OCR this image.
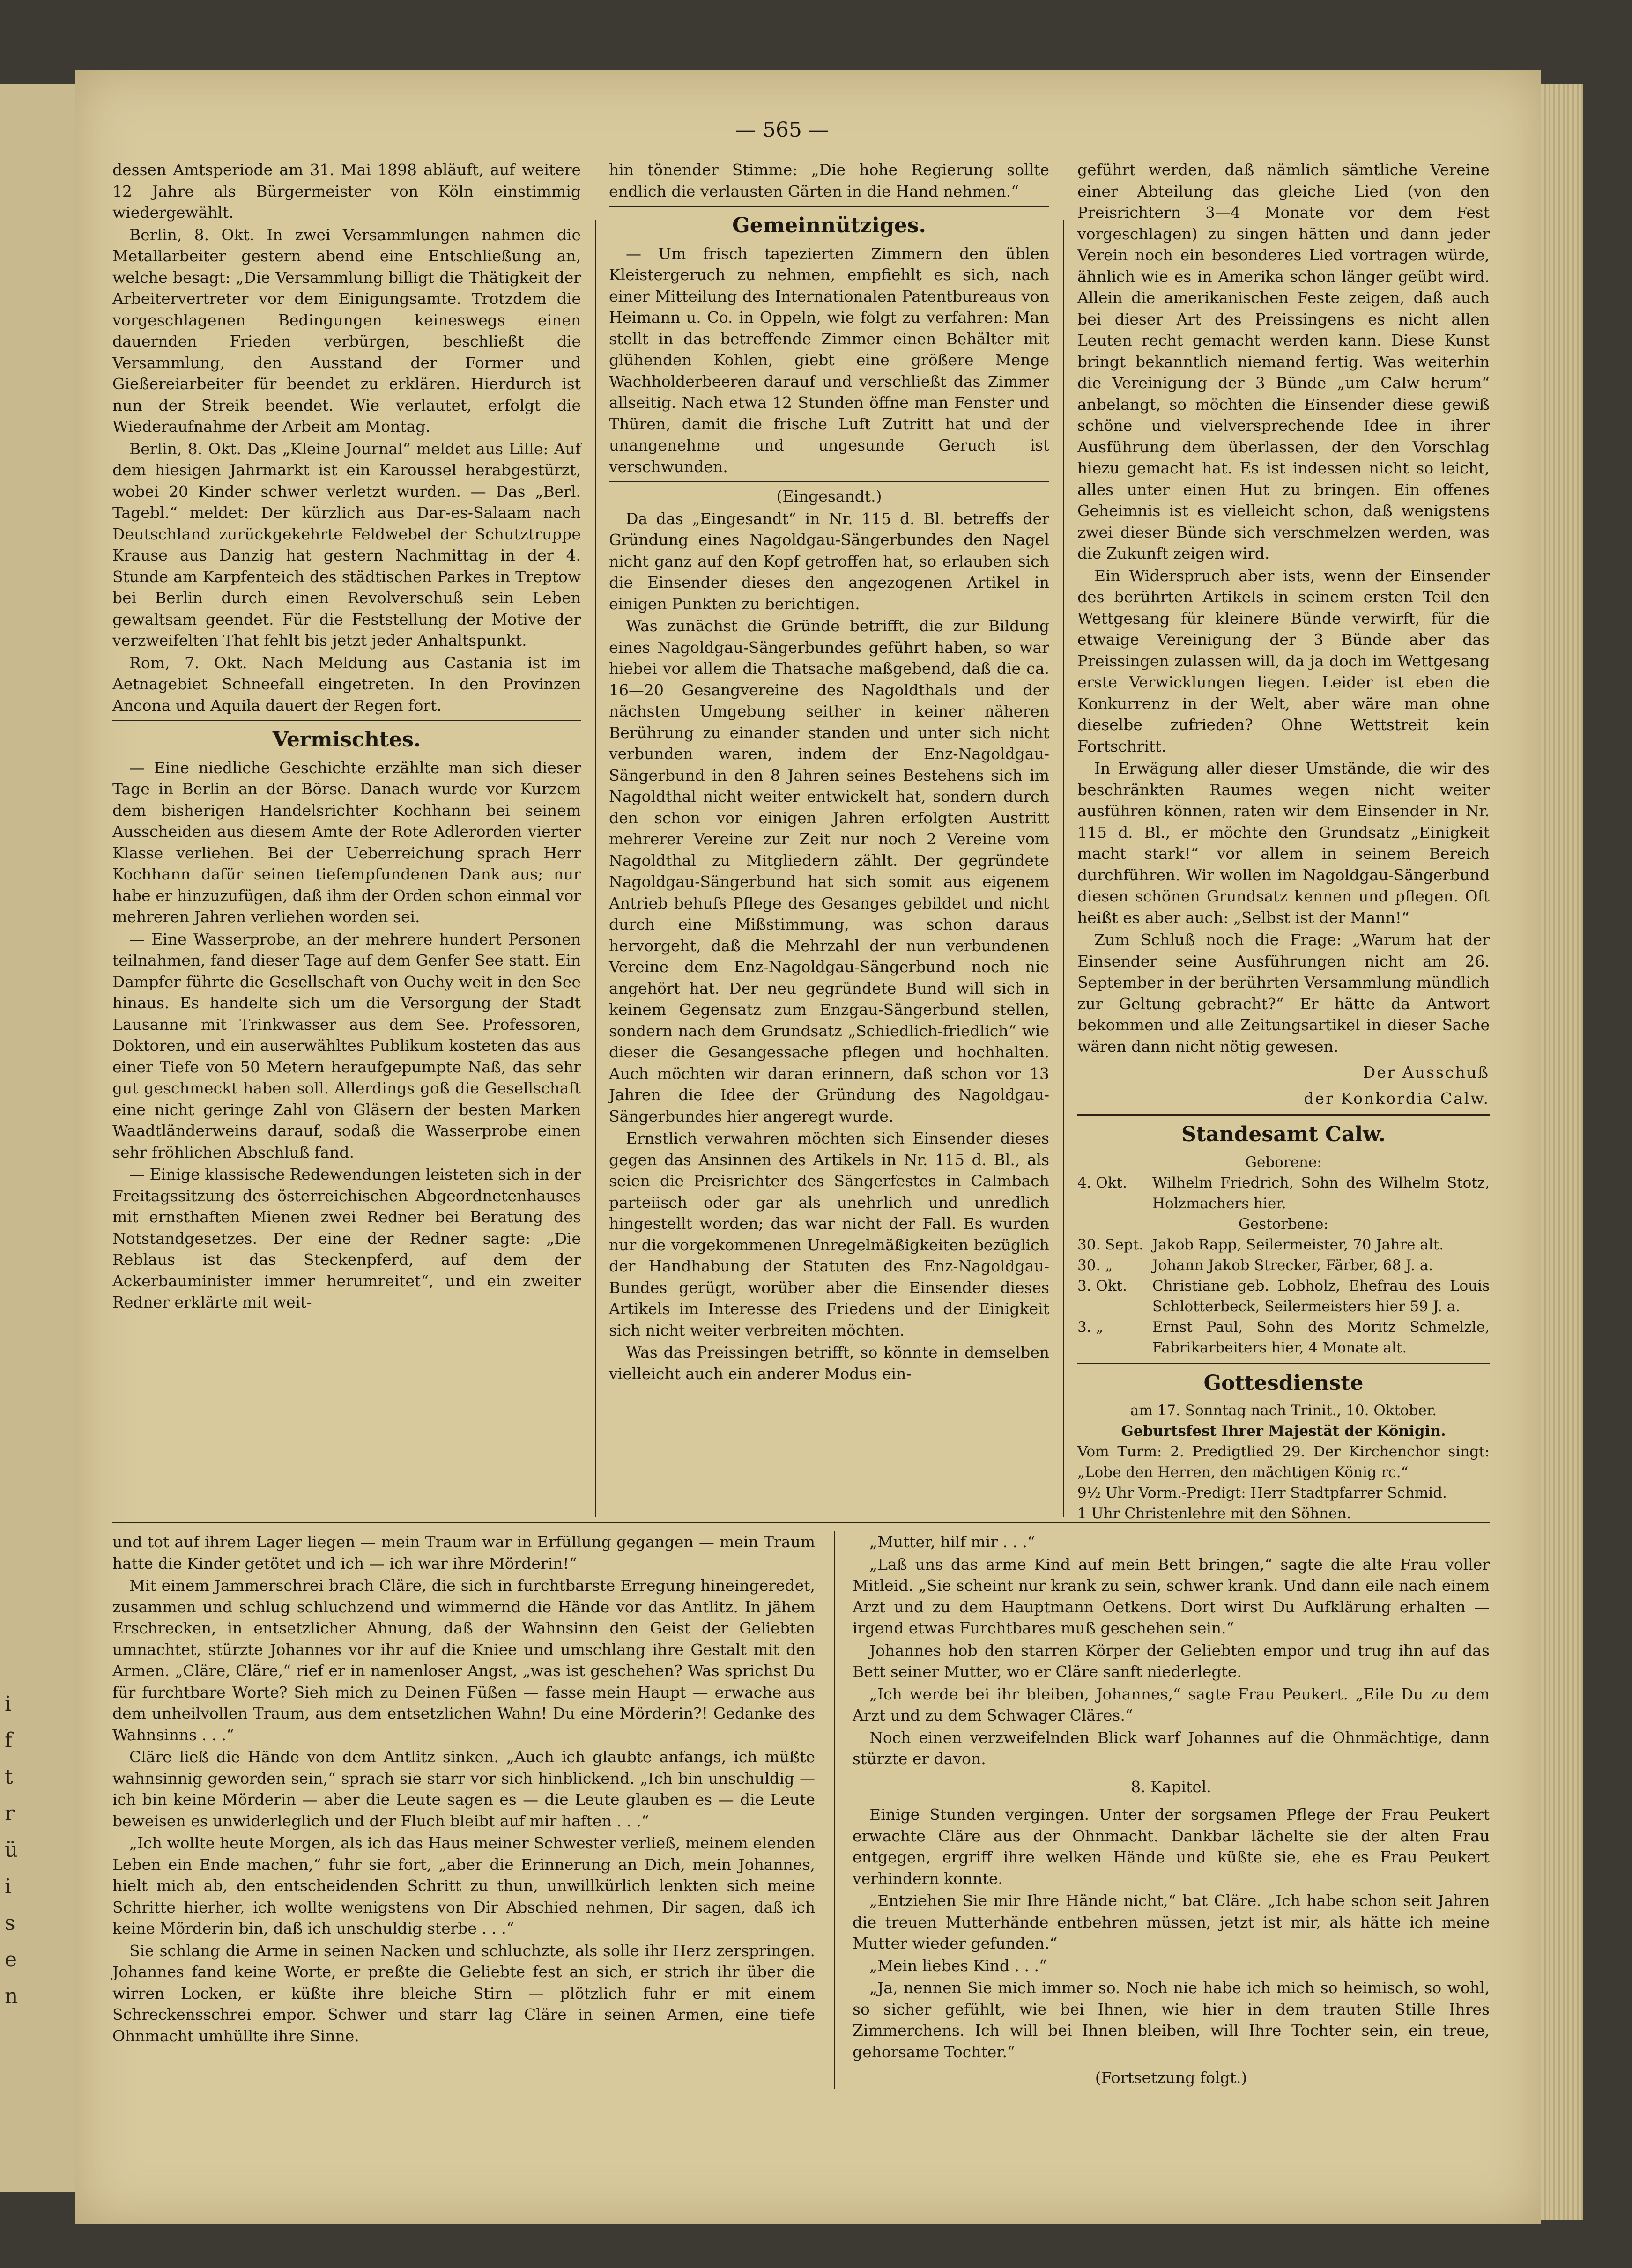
i
f
t
r
ü
i
s
e
n
— 565 —

dessen Amtsperiode am 31. Mai 1898 abläuft, auf weitere 12 Jahre als Bürgermeister von Köln einstimmig wiedergewählt.

Berlin, 8. Okt. In zwei Versammlungen nahmen die Metallarbeiter gestern abend eine Entschließung an, welche besagt: „Die Versammlung billigt die Thätigkeit der Arbeitervertreter vor dem Einigungsamte. Trotzdem die vorgeschlagenen Bedingungen keineswegs einen dauernden Frieden verbürgen, beschließt die Versammlung, den Ausstand der Former und Gießereiarbeiter für beendet zu erklären. Hierdurch ist nun der Streik beendet. Wie verlautet, erfolgt die Wiederaufnahme der Arbeit am Montag.

Berlin, 8. Okt. Das „Kleine Journal“ meldet aus Lille: Auf dem hiesigen Jahrmarkt ist ein Karoussel herabgestürzt, wobei 20 Kinder schwer verletzt wurden. — Das „Berl. Tagebl.“ meldet: Der kürzlich aus Dar-es-Salaam nach Deutschland zurückgekehrte Feldwebel der Schutztruppe Krause aus Danzig hat gestern Nachmittag in der 4. Stunde am Karpfenteich des städtischen Parkes in Treptow bei Berlin durch einen Revolverschuß sein Leben gewaltsam geendet. Für die Feststellung der Motive der verzweifelten That fehlt bis jetzt jeder Anhaltspunkt.

Rom, 7. Okt. Nach Meldung aus Castania ist im Aetnagebiet Schneefall eingetreten. In den Provinzen Ancona und Aquila dauert der Regen fort.

Vermischtes.

— Eine niedliche Geschichte erzählte man sich dieser Tage in Berlin an der Börse. Danach wurde vor Kurzem dem bisherigen Handelsrichter Kochhann bei seinem Ausscheiden aus diesem Amte der Rote Adlerorden vierter Klasse verliehen. Bei der Ueberreichung sprach Herr Kochhann dafür seinen tiefempfundenen Dank aus; nur habe er hinzuzufügen, daß ihm der Orden schon einmal vor mehreren Jahren verliehen worden sei.

— Eine Wasserprobe, an der mehrere hundert Personen teilnahmen, fand dieser Tage auf dem Genfer See statt. Ein Dampfer führte die Gesellschaft von Ouchy weit in den See hinaus. Es handelte sich um die Versorgung der Stadt Lausanne mit Trinkwasser aus dem See. Professoren, Doktoren, und ein auserwähltes Publikum kosteten das aus einer Tiefe von 50 Metern heraufgepumpte Naß, das sehr gut geschmeckt haben soll. Allerdings goß die Gesellschaft eine nicht geringe Zahl von Gläsern der besten Marken Waadtländerweins darauf, sodaß die Wasserprobe einen sehr fröhlichen Abschluß fand.

— Einige klassische Redewendungen leisteten sich in der Freitagssitzung des österreichischen Abgeordnetenhauses mit ernsthaften Mienen zwei Redner bei Beratung des Notstandgesetzes. Der eine der Redner sagte: „Die Reblaus ist das Steckenpferd, auf dem der Ackerbauminister immer herumreitet“, und ein zweiter Redner erklärte mit weit-

hin tönender Stimme: „Die hohe Regierung sollte endlich die verlausten Gärten in die Hand nehmen.“

Gemeinnütziges.

— Um frisch tapezierten Zimmern den üblen Kleistergeruch zu nehmen, empfiehlt es sich, nach einer Mitteilung des Internationalen Patentbureaus von Heimann u. Co. in Oppeln, wie folgt zu verfahren: Man stellt in das betreffende Zimmer einen Behälter mit glühenden Kohlen, giebt eine größere Menge Wachholderbeeren darauf und verschließt das Zimmer allseitig. Nach etwa 12 Stunden öffne man Fenster und Thüren, damit die frische Luft Zutritt hat und der unangenehme und ungesunde Geruch ist verschwunden.

(Eingesandt.)

Da das „Eingesandt“ in Nr. 115 d. Bl. betreffs der Gründung eines Nagoldgau-Sängerbundes den Nagel nicht ganz auf den Kopf getroffen hat, so erlauben sich die Einsender dieses den angezogenen Artikel in einigen Punkten zu berichtigen.

Was zunächst die Gründe betrifft, die zur Bildung eines Nagoldgau-Sängerbundes geführt haben, so war hiebei vor allem die Thatsache maßgebend, daß die ca. 16—20 Gesangvereine des Nagoldthals und der nächsten Umgebung seither in keiner näheren Berührung zu einander standen und unter sich nicht verbunden waren, indem der Enz-Nagoldgau-Sängerbund in den 8 Jahren seines Bestehens sich im Nagoldthal nicht weiter entwickelt hat, sondern durch den schon vor einigen Jahren erfolgten Austritt mehrerer Vereine zur Zeit nur noch 2 Vereine vom Nagoldthal zu Mitgliedern zählt. Der gegründete Nagoldgau-Sängerbund hat sich somit aus eigenem Antrieb behufs Pflege des Gesanges gebildet und nicht durch eine Mißstimmung, was schon daraus hervorgeht, daß die Mehrzahl der nun verbundenen Vereine dem Enz-Nagoldgau-Sängerbund noch nie angehört hat. Der neu gegründete Bund will sich in keinem Gegensatz zum Enzgau-Sängerbund stellen, sondern nach dem Grundsatz „Schiedlich-friedlich“ wie dieser die Gesangessache pflegen und hochhalten. Auch möchten wir daran erinnern, daß schon vor 13 Jahren die Idee der Gründung des Nagoldgau-Sängerbundes hier angeregt wurde.

Ernstlich verwahren möchten sich Einsender dieses gegen das Ansinnen des Artikels in Nr. 115 d. Bl., als seien die Preisrichter des Sängerfestes in Calmbach parteiisch oder gar als unehrlich und unredlich hingestellt worden; das war nicht der Fall. Es wurden nur die vorgekommenen Unregelmäßigkeiten bezüglich der Handhabung der Statuten des Enz-Nagoldgau-Bundes gerügt, worüber aber die Einsender dieses Artikels im Interesse des Friedens und der Einigkeit sich nicht weiter verbreiten möchten.

Was das Preissingen betrifft, so könnte in demselben vielleicht auch ein anderer Modus ein-

geführt werden, daß nämlich sämtliche Vereine einer Abteilung das gleiche Lied (von den Preisrichtern 3—4 Monate vor dem Fest vorgeschlagen) zu singen hätten und dann jeder Verein noch ein besonderes Lied vortragen würde, ähnlich wie es in Amerika schon länger geübt wird. Allein die amerikanischen Feste zeigen, daß auch bei dieser Art des Preissingens es nicht allen Leuten recht gemacht werden kann. Diese Kunst bringt bekanntlich niemand fertig. Was weiterhin die Vereinigung der 3 Bünde „um Calw herum“ anbelangt, so möchten die Einsender diese gewiß schöne und vielversprechende Idee in ihrer Ausführung dem überlassen, der den Vorschlag hiezu gemacht hat. Es ist indessen nicht so leicht, alles unter einen Hut zu bringen. Ein offenes Geheimnis ist es vielleicht schon, daß wenigstens zwei dieser Bünde sich verschmelzen werden, was die Zukunft zeigen wird.

Ein Widerspruch aber ists, wenn der Einsender des berührten Artikels in seinem ersten Teil den Wettgesang für kleinere Bünde verwirft, für die etwaige Vereinigung der 3 Bünde aber das Preissingen zulassen will, da ja doch im Wettgesang erste Verwicklungen liegen. Leider ist eben die Konkurrenz in der Welt, aber wäre man ohne dieselbe zufrieden? Ohne Wettstreit kein Fortschritt.

In Erwägung aller dieser Umstände, die wir des beschränkten Raumes wegen nicht weiter ausführen können, raten wir dem Einsender in Nr. 115 d. Bl., er möchte den Grundsatz „Einigkeit macht stark!“ vor allem in seinem Bereich durchführen. Wir wollen im Nagoldgau-Sängerbund diesen schönen Grundsatz kennen und pflegen. Oft heißt es aber auch: „Selbst ist der Mann!“

Zum Schluß noch die Frage: „Warum hat der Einsender seine Ausführungen nicht am 26. September in der berührten Versammlung mündlich zur Geltung gebracht?“ Er hätte da Antwort bekommen und alle Zeitungsartikel in dieser Sache wären dann nicht nötig gewesen.

Der Ausschuß
der Konkordia Calw.
Standesamt Calw.
Geborene:
4. Okt.	Wilhelm Friedrich, Sohn des Wilhelm Stotz, Holzmachers hier.
Gestorbene:
30. Sept. Jakob Rapp, Seilermeister, 70 Jahre alt.
30. „	Johann Jakob Strecker, Färber, 68 J. a.
3. Okt.	Christiane geb. Lobholz, Ehefrau des Louis Schlotterbeck, Seilermeisters hier 59 J. a.
3. „	Ernst Paul, Sohn des Moritz Schmelzle, Fabrikarbeiters hier, 4 Monate alt.
Gottesdienste
am 17. Sonntag nach Trinit., 10. Oktober.
Geburtsfest Ihrer Majestät der Königin.
Vom Turm: 2. Predigtlied 29. Der Kirchenchor singt: „Lobe den Herren, den mächtigen König rc.“
9½ Uhr Vorm.-Predigt: Herr Stadtpfarrer Schmid.
1 Uhr Christenlehre mit den Söhnen.

und tot auf ihrem Lager liegen — mein Traum war in Erfüllung gegangen — mein Traum hatte die Kinder getötet und ich — ich war ihre Mörderin!“

Mit einem Jammerschrei brach Cläre, die sich in furchtbarste Erregung hineingeredet, zusammen und schlug schluchzend und wimmernd die Hände vor das Antlitz. In jähem Erschrecken, in entsetzlicher Ahnung, daß der Wahnsinn den Geist der Geliebten umnachtet, stürzte Johannes vor ihr auf die Kniee und umschlang ihre Gestalt mit den Armen. „Cläre, Cläre,“ rief er in namenloser Angst, „was ist geschehen? Was sprichst Du für furchtbare Worte? Sieh mich zu Deinen Füßen — fasse mein Haupt — erwache aus dem unheilvollen Traum, aus dem entsetzlichen Wahn! Du eine Mörderin?! Gedanke des Wahnsinns . . .“

Cläre ließ die Hände von dem Antlitz sinken. „Auch ich glaubte anfangs, ich müßte wahnsinnig geworden sein,“ sprach sie starr vor sich hinblickend. „Ich bin unschuldig — ich bin keine Mörderin — aber die Leute sagen es — die Leute glauben es — die Leute beweisen es unwiderleglich und der Fluch bleibt auf mir haften . . .“

„Ich wollte heute Morgen, als ich das Haus meiner Schwester verließ, meinem elenden Leben ein Ende machen,“ fuhr sie fort, „aber die Erinnerung an Dich, mein Johannes, hielt mich ab, den entscheidenden Schritt zu thun, unwillkürlich lenkten sich meine Schritte hierher, ich wollte wenigstens von Dir Abschied nehmen, Dir sagen, daß ich keine Mörderin bin, daß ich unschuldig sterbe . . .“

Sie schlang die Arme in seinen Nacken und schluchzte, als solle ihr Herz zerspringen. Johannes fand keine Worte, er preßte die Geliebte fest an sich, er strich ihr über die wirren Locken, er küßte ihre bleiche Stirn — plötzlich fuhr er mit einem Schreckensschrei empor. Schwer und starr lag Cläre in seinen Armen, eine tiefe Ohnmacht umhüllte ihre Sinne.

„Mutter, hilf mir . . .“

„Laß uns das arme Kind auf mein Bett bringen,“ sagte die alte Frau voller Mitleid. „Sie scheint nur krank zu sein, schwer krank. Und dann eile nach einem Arzt und zu dem Hauptmann Oetkens. Dort wirst Du Aufklärung erhalten — irgend etwas Furchtbares muß geschehen sein.“

Johannes hob den starren Körper der Geliebten empor und trug ihn auf das Bett seiner Mutter, wo er Cläre sanft niederlegte.

„Ich werde bei ihr bleiben, Johannes,“ sagte Frau Peukert. „Eile Du zu dem Arzt und zu dem Schwager Cläres.“

Noch einen verzweifelnden Blick warf Johannes auf die Ohnmächtige, dann stürzte er davon.

8. Kapitel.

Einige Stunden vergingen. Unter der sorgsamen Pflege der Frau Peukert erwachte Cläre aus der Ohnmacht. Dankbar lächelte sie der alten Frau entgegen, ergriff ihre welken Hände und küßte sie, ehe es Frau Peukert verhindern konnte.

„Entziehen Sie mir Ihre Hände nicht,“ bat Cläre. „Ich habe schon seit Jahren die treuen Mutterhände entbehren müssen, jetzt ist mir, als hätte ich meine Mutter wieder gefunden.“

„Mein liebes Kind . . .“

„Ja, nennen Sie mich immer so. Noch nie habe ich mich so heimisch, so wohl, so sicher gefühlt, wie bei Ihnen, wie hier in dem trauten Stille Ihres Zimmerchens. Ich will bei Ihnen bleiben, will Ihre Tochter sein, ein treue, gehorsame Tochter.“

(Fortsetzung folgt.)
